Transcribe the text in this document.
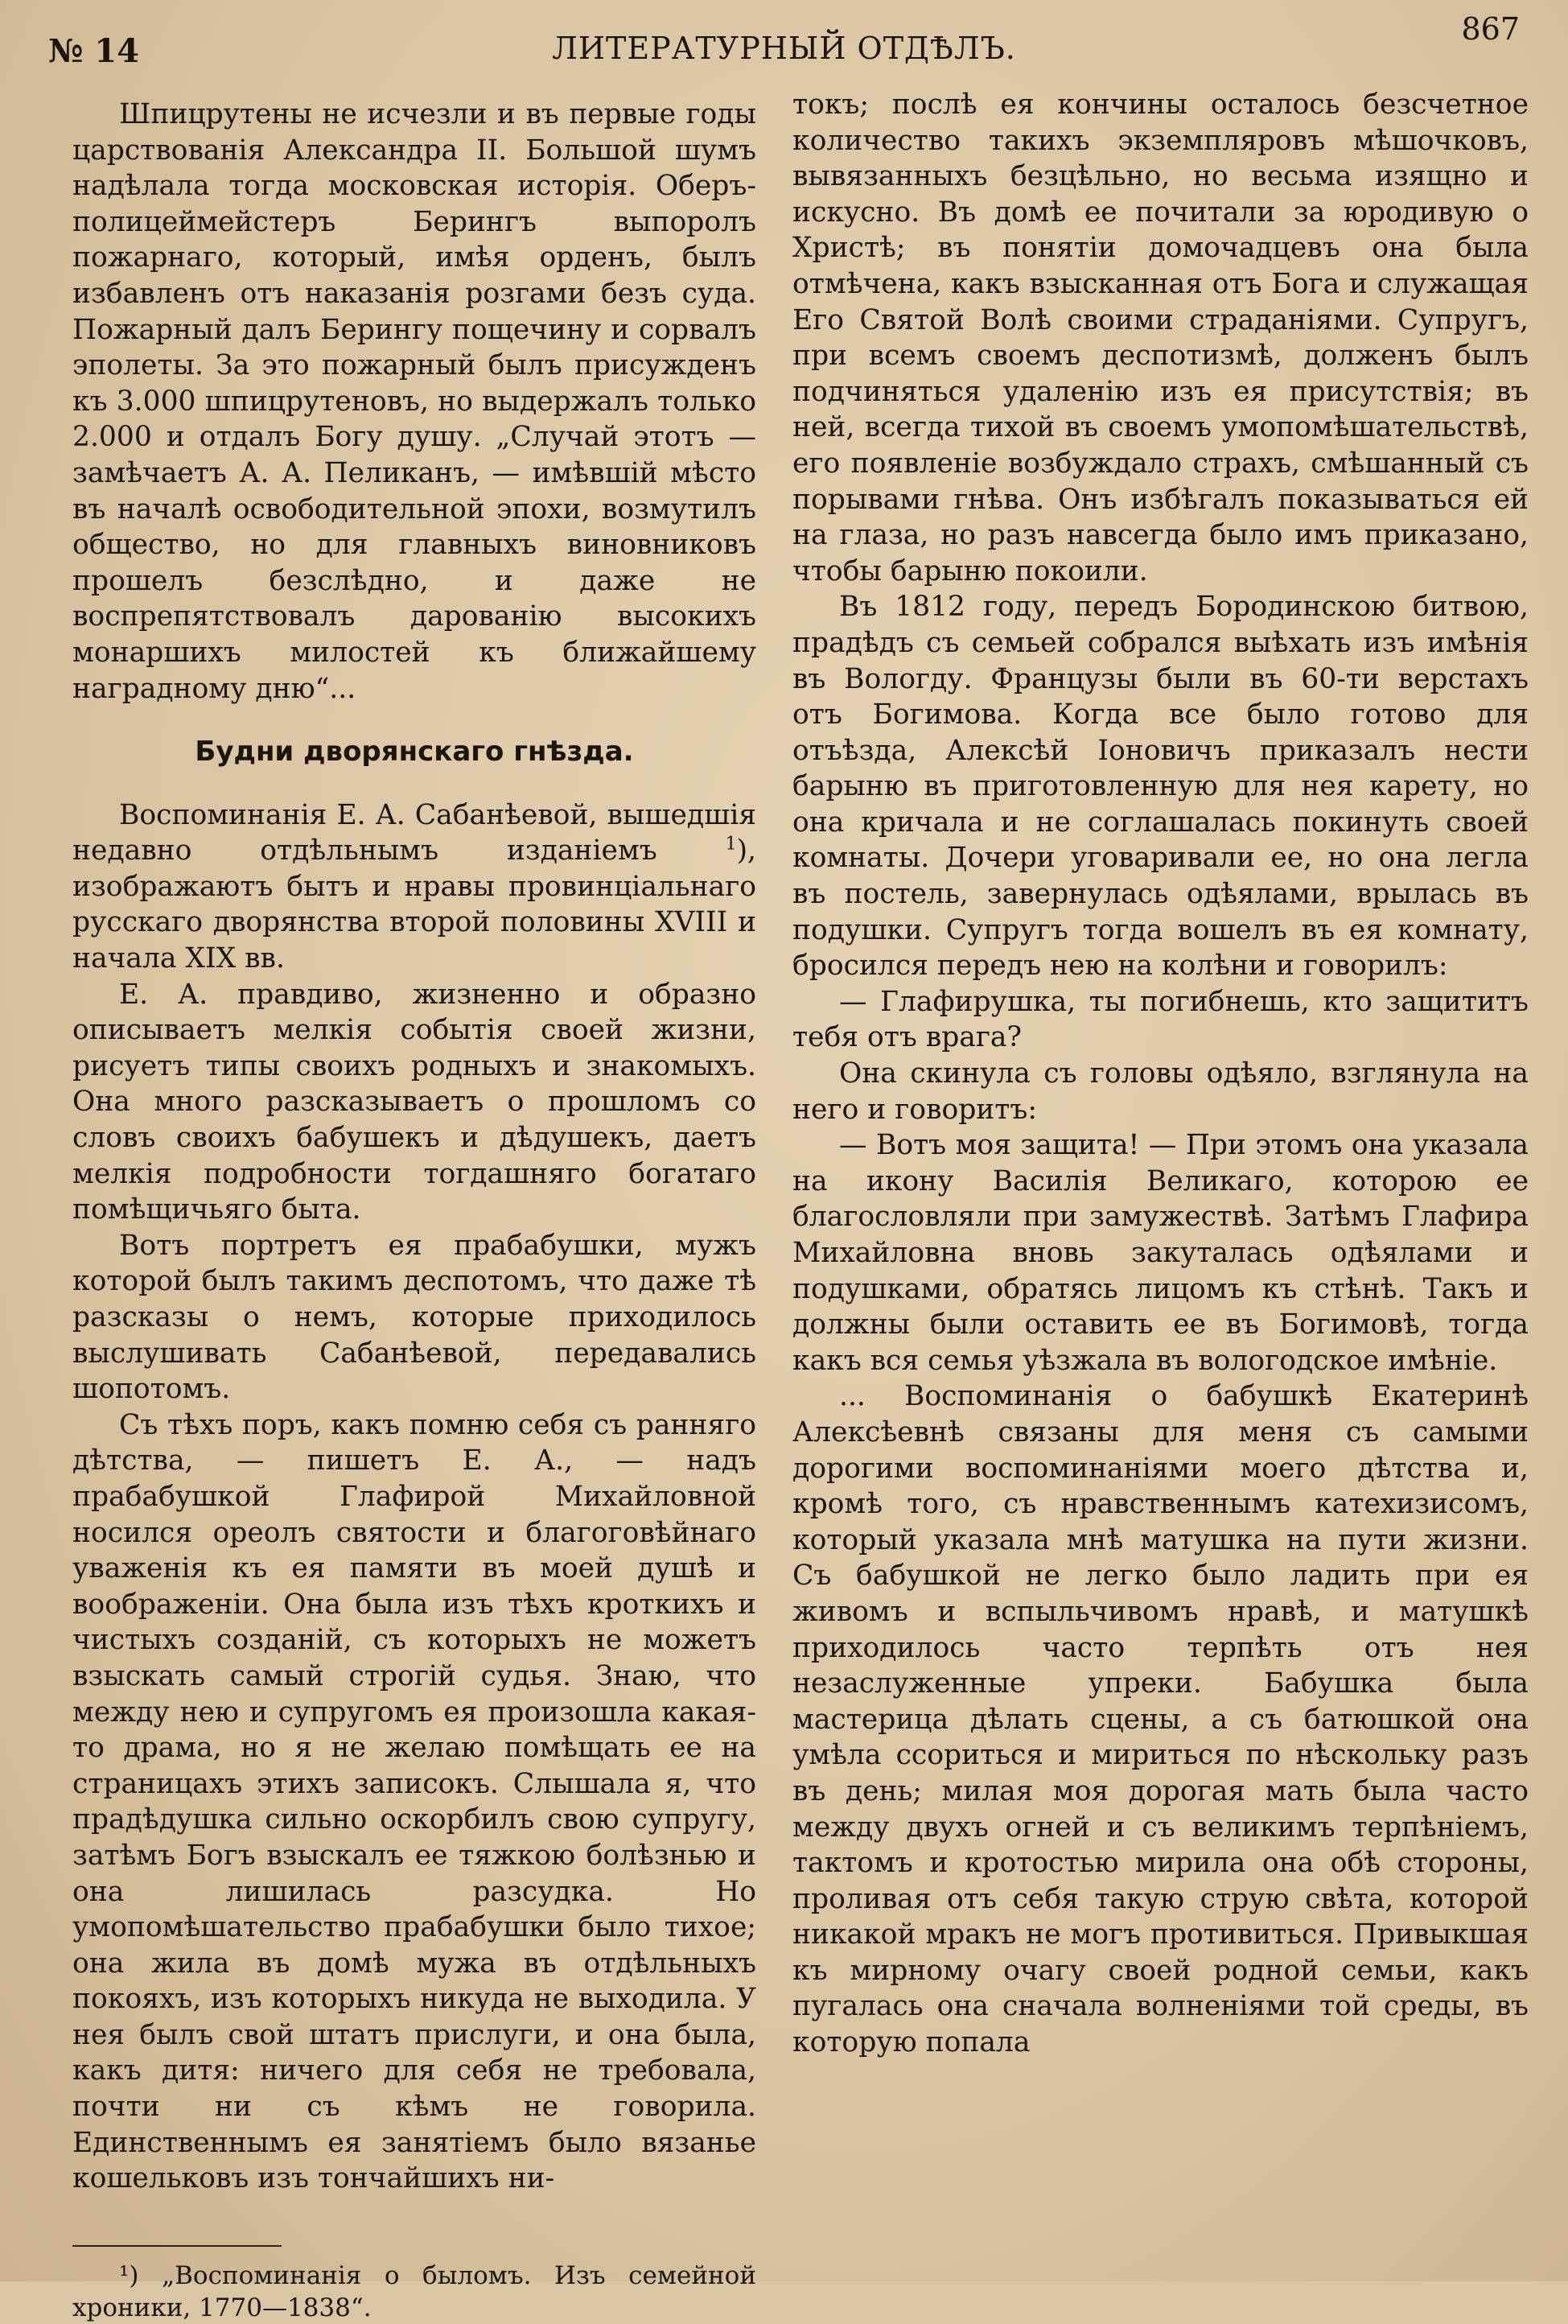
№ 14	ЛИТЕРАТУРНЫЙ ОТДѢЛЪ.
867

Шпицрутены не исчезли и въ первые годы царствованія Александра II. Большой шумъ надѣлала тогда московская исторія. Оберъ-полицеймейстеръ Берингъ выпоролъ пожарнаго, который, имѣя орденъ, былъ избавленъ отъ наказанія розгами безъ суда. Пожарный далъ Берингу пощечину и сорвалъ эполеты. За это пожарный былъ присужденъ къ 3.000 шпицрутеновъ, но выдержалъ только 2.000 и отдалъ Богу душу. „Случай этотъ — замѣчаетъ А. А. Пеликанъ, — имѣвшій мѣсто въ началѣ освободительной эпохи, возмутилъ общество, но для главныхъ виновниковъ прошелъ безслѣдно, и даже не воспрепятствовалъ дарованію высокихъ монаршихъ милостей къ ближайшему наградному дню“...

Будни дворянскаго гнѣзда.

Воспоминанія Е. А. Сабанѣевой, вышедшія недавно отдѣльнымъ изданіемъ	$^1$), изображаютъ бытъ и нравы провинціальнаго русскаго дворянства второй половины XVIII и начала XIX вв.

Е. А. правдиво, жизненно и образно описываетъ мелкія событія своей жизни, рисуетъ типы своихъ родныхъ и знакомыхъ. Она много разсказываетъ о прошломъ со словъ своихъ бабушекъ и дѣдушекъ, даетъ мелкія подробности тогдашняго богатаго помѣщичьяго быта.

Вотъ портретъ ея прабабушки, мужъ которой былъ такимъ деспотомъ, что даже тѣ разсказы о немъ, которые приходилось выслушивать Сабанѣевой, передавались шопотомъ.

Съ тѣхъ поръ, какъ помню себя съ ранняго дѣтства, — пишетъ Е. А., — надъ прабабушкой Глафирой Михайловной носился ореолъ святости и благоговѣйнаго уваженія къ ея памяти въ моей душѣ и воображеніи. Она была изъ тѣхъ кроткихъ и чистыхъ созданій, съ которыхъ не можетъ взыскать самый строгій судья. Знаю, что между нею и супругомъ ея произошла какая-то драма, но я не желаю помѣщать ее на страницахъ этихъ записокъ. Слышала я, что прадѣдушка сильно оскорбилъ свою супругу, затѣмъ Богъ взыскалъ ее тяжкою болѣзнью и она лишилась разсудка. Но умопомѣшательство прабабушки было тихое; она жила въ домѣ мужа въ отдѣльныхъ покояхъ, изъ которыхъ никуда не выходила. У нея былъ свой штатъ прислуги, и она была, какъ дитя: ничего для себя не требовала, почти ни съ кѣмъ не говорила. Единственнымъ ея занятіемъ было вязанье кошельковъ изъ тончайшихъ ни-

¹) „Воспоминанія о быломъ. Изъ семейной хроники, 1770—1838“.

токъ; послѣ ея кончины осталось безсчетное количество такихъ экземпляровъ мѣшочковъ, вывязанныхъ безцѣльно, но весьма изящно и искусно. Въ домѣ ее почитали за юродивую о Христѣ; въ понятіи домочадцевъ она была отмѣчена, какъ взысканная отъ Бога и служащая Его Святой Волѣ своими страданіями. Супругъ, при всемъ своемъ деспотизмѣ, долженъ былъ подчиняться удаленію изъ ея присутствія; въ ней, всегда тихой въ своемъ умопомѣшательствѣ, его появленіе возбуждало страхъ, смѣшанный съ порывами гнѣва. Онъ избѣгалъ показываться ей на глаза, но разъ навсегда было имъ приказано, чтобы барыню покоили.

Въ 1812 году, передъ Бородинскою битвою, прадѣдъ съ семьей собрался выѣхать изъ имѣнія въ Вологду. Французы были въ 60-ти верстахъ отъ Богимова. Когда все было готово для отъѣзда, Алексѣй Іоновичъ приказалъ нести барыню въ приготовленную для нея карету, но она кричала и не соглашалась покинуть своей комнаты. Дочери уговаривали ее, но она легла въ постель, завернулась одѣялами, врылась въ подушки. Супругъ тогда вошелъ въ ея комнату, бросился передъ нею на колѣни и говорилъ:

— Глафирушка, ты погибнешь, кто защититъ тебя отъ врага?

Она скинула съ головы одѣяло, взглянула на него и говоритъ:

— Вотъ моя защита! — При этомъ она указала на икону Василія Великаго, которою ее благословляли при замужествѣ. Затѣмъ Глафира Михайловна вновь закуталась одѣялами и подушками, обратясь лицомъ къ стѣнѣ. Такъ и должны были оставить ее въ Богимовѣ, тогда какъ вся семья уѣзжала въ вологодское имѣніе.

... Воспоминанія о бабушкѣ Екатеринѣ Алексѣевнѣ связаны для меня съ самыми дорогими воспоминаніями моего дѣтства и, кромѣ того, съ нравственнымъ катехизисомъ, который указала мнѣ матушка на пути жизни. Съ бабушкой не легко было ладить при ея живомъ и вспыльчивомъ нравѣ, и матушкѣ приходилось часто терпѣть отъ нея незаслуженные упреки. Бабушка была мастерица дѣлать сцены, а съ батюшкой она умѣла ссориться и мириться по нѣскольку разъ въ день; милая моя дорогая мать была часто между двухъ огней и съ великимъ терпѣніемъ, тактомъ и кротостью мирила она обѣ стороны, проливая отъ себя такую струю свѣта, которой никакой мракъ не могъ противиться. Привыкшая къ мирному очагу своей родной семьи, какъ пугалась она сначала волненіями той среды, въ которую попала
